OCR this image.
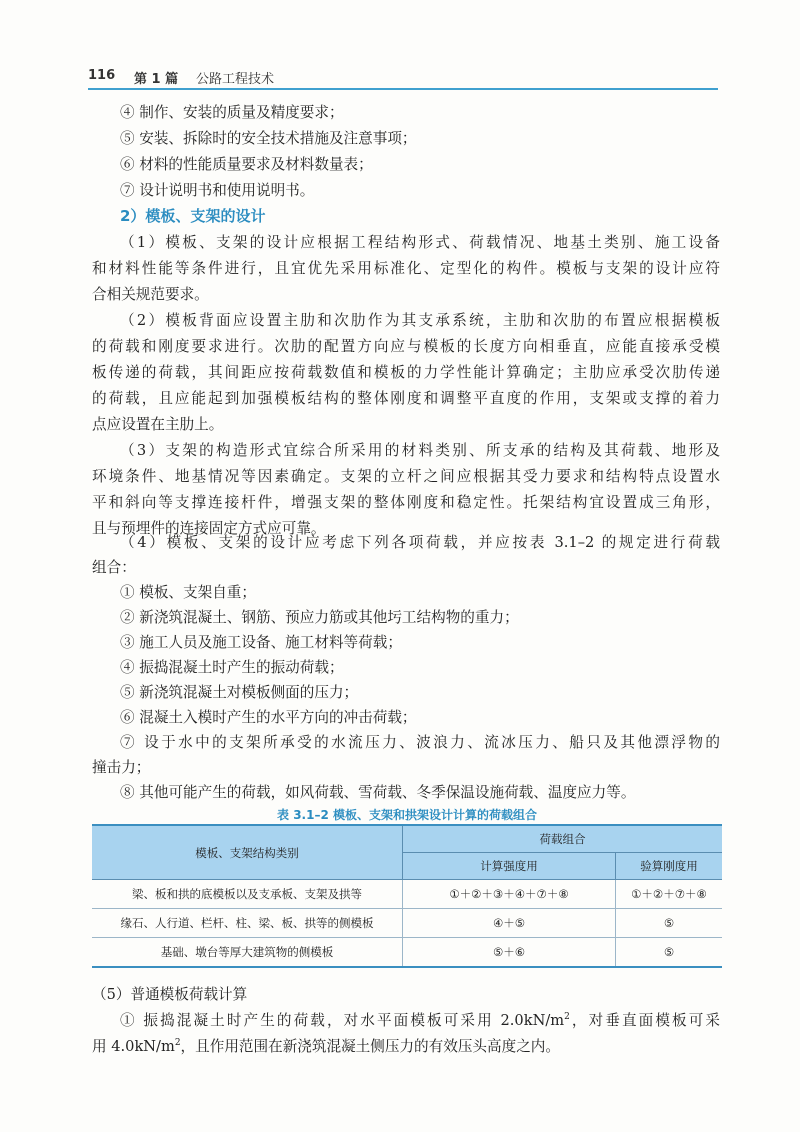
116 第 1 篇 公路工程技术
④ 制作、安装的质量及精度要求；
⑤ 安装、拆除时的安全技术措施及注意事项；
⑥ 材料的性能质量要求及材料数量表；
⑦ 设计说明书和使用说明书。
2）模板、支架的设计
（1）模板、支架的设计应根据工程结构形式、荷载情况、地基土类别、施工设备
和材料性能等条件进行，且宜优先采用标准化、定型化的构件。模板与支架的设计应符
合相关规范要求。
（2）模板背面应设置主肋和次肋作为其支承系统，主肋和次肋的布置应根据模板
的荷载和刚度要求进行。次肋的配置方向应与模板的长度方向相垂直，应能直接承受模
板传递的荷载，其间距应按荷载数值和模板的力学性能计算确定；主肋应承受次肋传递
的荷载，且应能起到加强模板结构的整体刚度和调整平直度的作用，支架或支撑的着力
点应设置在主肋上。
（3）支架的构造形式宜综合所采用的材料类别、所支承的结构及其荷载、地形及
环境条件、地基情况等因素确定。支架的立杆之间应根据其受力要求和结构特点设置水
平和斜向等支撑连接杆件，增强支架的整体刚度和稳定性。托架结构宜设置成三角形，
且与预埋件的连接固定方式应可靠。
（4）模板、支架的设计应考虑下列各项荷载，并应按表 3.1–2 的规定进行荷载
组合：
① 模板、支架自重；
② 新浇筑混凝土、钢筋、预应力筋或其他圬工结构物的重力；
③ 施工人员及施工设备、施工材料等荷载；
④ 振捣混凝土时产生的振动荷载；
⑤ 新浇筑混凝土对模板侧面的压力；
⑥ 混凝土入模时产生的水平方向的冲击荷载；
⑦ 设于水中的支架所承受的水流压力、波浪力、流冰压力、船只及其他漂浮物的
撞击力；
表 3.1–2 模板、支架和拱架设计计算的荷载组合
模板、支架结构类别	荷载组合	
	计算强度用	验算刚度用
梁、板和拱的底模板以及支承板、支架及拱等	①＋②＋③＋④＋⑦＋⑧	①＋②＋⑦＋⑧
缘石、人行道、栏杆、柱、梁、板、拱等的侧模板	④＋⑤	⑤
基础、墩台等厚大建筑物的侧模板	⑤＋⑥	⑤
（5）普通模板荷载计算
① 振捣混凝土时产生的荷载，对水平面模板可采用 $2.0kN/m^2$，对垂直面模板可采
用 $4.0kN/m^2$，且作用范围在新浇筑混凝土侧压力的有效压头高度之内。
⑧ 其他可能产生的荷载，如风荷载、雪荷载、冬季保温设施荷载、温度应力等。
